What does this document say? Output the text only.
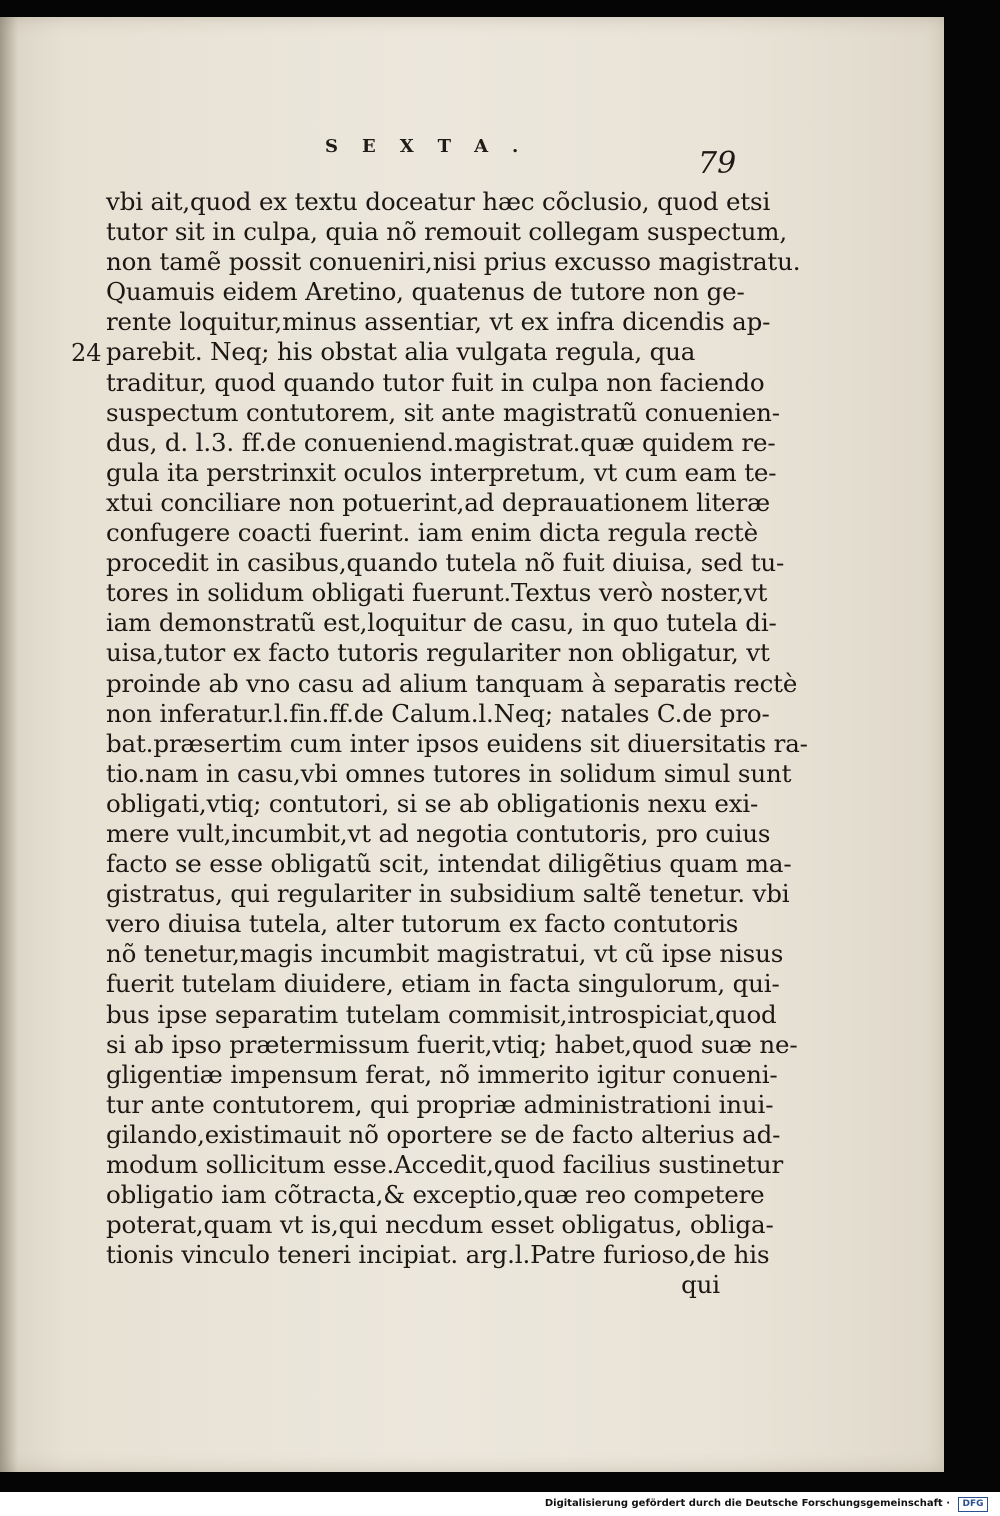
SEXTA.	79
24
vbi ait,quod ex textu doceatur hæc cõclusio, quod etsi
tutor sit in culpa, quia nõ remouit collegam suspectum,
non tamẽ possit conueniri,nisi prius excusso magistratu.
Quamuis eidem Aretino, quatenus de tutore non ge-
rente loquitur,minus assentiar, vt ex infra dicendis ap-
parebit. Neq; his obstat alia vulgata regula, qua
traditur, quod quando tutor fuit in culpa non faciendo
suspectum contutorem, sit ante magistratũ conuenien-
dus, d. l.3. ff.de conueniend.magistrat.quæ quidem re-
gula ita perstrinxit oculos interpretum, vt cum eam te-
xtui conciliare non potuerint,ad deprauationem literæ
confugere coacti fuerint. iam enim dicta regula rectè
procedit in casibus,quando tutela nõ fuit diuisa, sed tu-
tores in solidum obligati fuerunt.Textus verò noster,vt
iam demonstratũ est,loquitur de casu, in quo tutela di-
uisa,tutor ex facto tutoris regulariter non obligatur, vt
proinde ab vno casu ad alium tanquam à separatis rectè
non inferatur.l.fin.ff.de Calum.l.Neq; natales C.de pro-
bat.præsertim cum inter ipsos euidens sit diuersitatis ra-
tio.nam in casu,vbi omnes tutores in solidum simul sunt
obligati,vtiq; contutori, si se ab obligationis nexu exi-
mere vult,incumbit,vt ad negotia contutoris, pro cuius
facto se esse obligatũ scit, intendat diligẽtius quam ma-
gistratus, qui regulariter in subsidium saltẽ tenetur. vbi
vero diuisa tutela, alter tutorum ex facto contutoris
nõ tenetur,magis incumbit magistratui, vt cũ ipse nisus
fuerit tutelam diuidere, etiam in facta singulorum, qui-
bus ipse separatim tutelam commisit,introspiciat,quod
si ab ipso prætermissum fuerit,vtiq; habet,quod suæ ne-
gligentiæ impensum ferat, nõ immerito igitur conueni-
tur ante contutorem, qui propriæ administrationi inui-
gilando,existimauit nõ oportere se de facto alterius ad-
modum sollicitum esse.Accedit,quod facilius sustinetur
obligatio iam cõtracta,& exceptio,quæ reo competere
poterat,quam vt is,qui necdum esset obligatus, obliga-
tionis vinculo teneri incipiat. arg.l.Patre furioso,de his
qui
Digitalisierung gefördert durch die Deutsche Forschungsgemeinschaft ·	DFG
